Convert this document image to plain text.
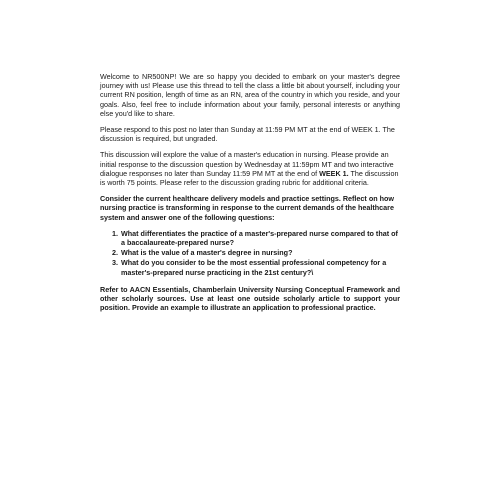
Welcome to NR500NP! We are so happy you decided to embark on your master's degree journey with us! Please use this thread to tell the class a little bit about yourself, including your current RN position, length of time as an RN, area of the country in which you reside, and your goals. Also, feel free to include information about your family, personal interests or anything else you'd like to share.

Please respond to this post no later than Sunday at 11:59 PM MT at the end of WEEK 1. The discussion is required, but ungraded.

This discussion will explore the value of a master's education in nursing. Please provide an initial response to the discussion question by Wednesday at 11:59pm MT and two interactive dialogue responses no later than Sunday 11:59 PM MT at the end of WEEK 1. The discussion is worth 75 points. Please refer to the discussion grading rubric for additional criteria.

Consider the current healthcare delivery models and practice settings. Reflect on how nursing practice is transforming in response to the current demands of the healthcare system and answer one of the following questions:

1. What differentiates the practice of a master's-prepared nurse compared to that of a baccalaureate-prepared nurse?
2. What is the value of a master's degree in nursing?
3. What do you consider to be the most essential professional competency for a master's-prepared nurse practicing in the 21st century?\

Refer to AACN Essentials, Chamberlain University Nursing Conceptual Framework and other scholarly sources. Use at least one outside scholarly article to support your position. Provide an example to illustrate an application to professional practice.
